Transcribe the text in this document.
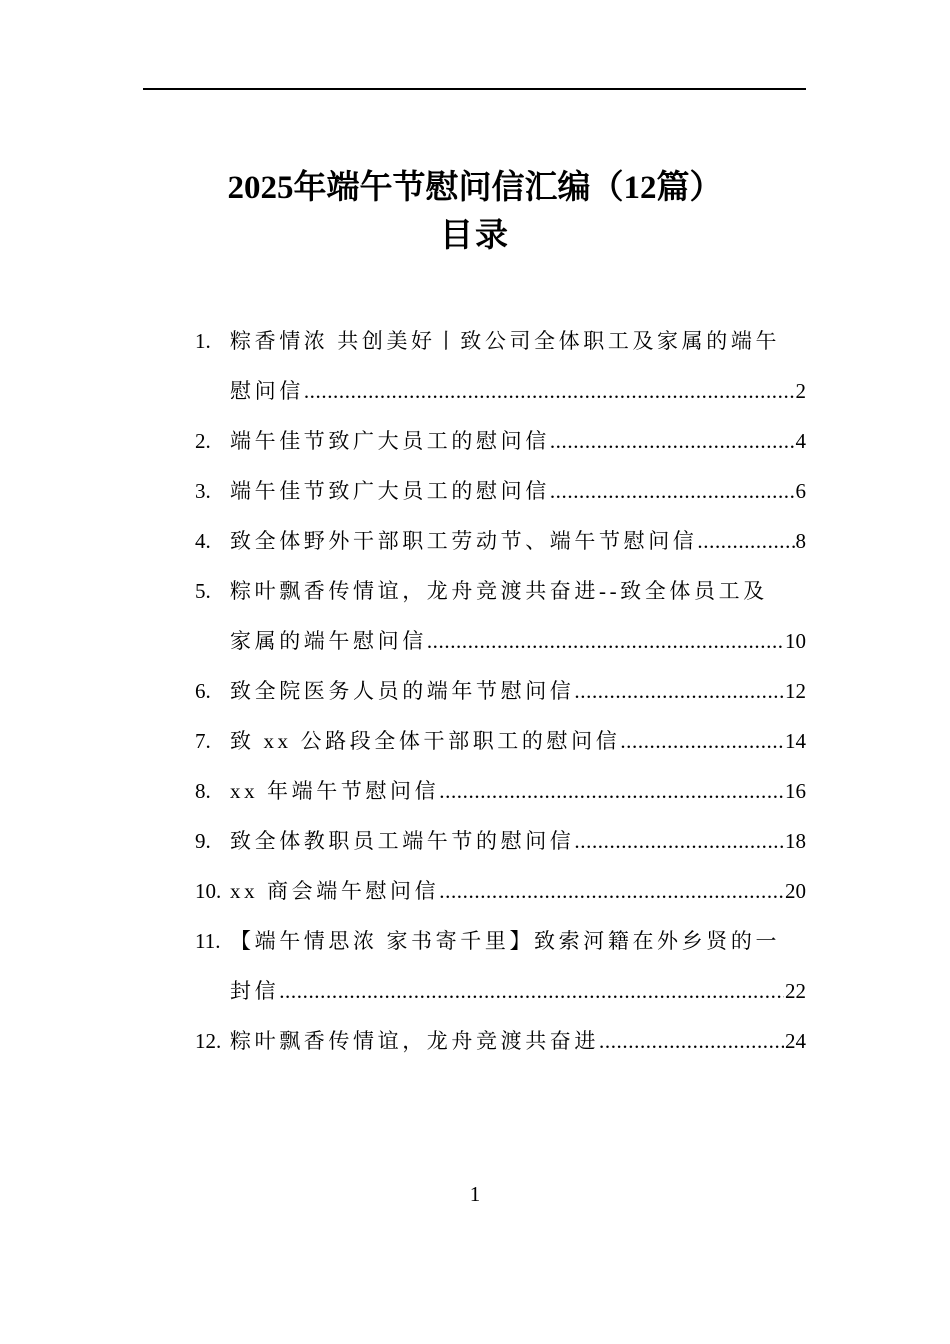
2025年端午节慰问信汇编（12篇）
目录
1. 粽香情浓 共创美好丨致公司全体职工及家属的端午
慰问信 .....	2
2. 端午佳节致广大员工的慰问信 .....	4
3. 端午佳节致广大员工的慰问信 .....	6
4. 致全体野外干部职工劳动节、端午节慰问信 .....	8
5. 粽叶飘香传情谊，龙舟竞渡共奋进--致全体员工及
家属的端午慰问信 .....	10
6. 致全院医务人员的端年节慰问信 .....	12
7. 致 xx 公路段全体干部职工的慰问信 .....	14
8. xx 年端午节慰问信 .....	16
9. 致全体教职员工端午节的慰问信 .....	18
10. xx 商会端午慰问信 .....	20
11. 【端午情思浓 家书寄千里】致索河籍在外乡贤的一
封信 .....	22
12. 粽叶飘香传情谊，龙舟竞渡共奋进 .....	24
1
